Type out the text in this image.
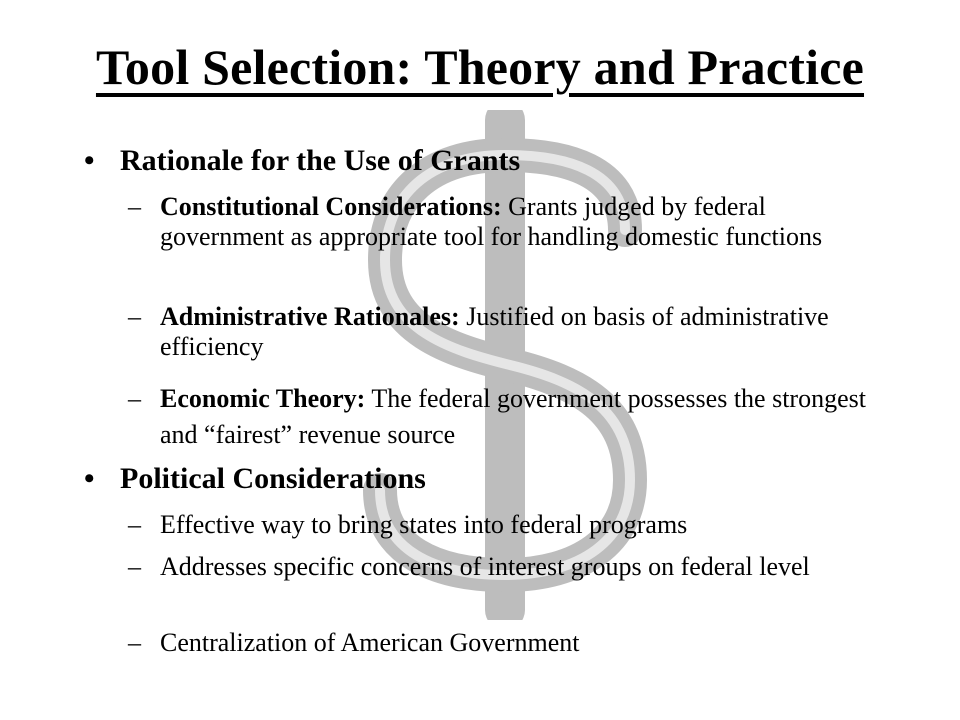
Tool Selection: Theory and Practice
• Rationale for the Use of Grants
– Constitutional Considerations: Grants judged by federal government as appropriate tool for handling domestic functions
– Administrative Rationales: Justified on basis of administrative efficiency
– Economic Theory: The federal government possesses the strongest and “fairest” revenue source
• Political Considerations
– Effective way to bring states into federal programs
– Addresses specific concerns of interest groups on federal level
– Centralization of American Government
